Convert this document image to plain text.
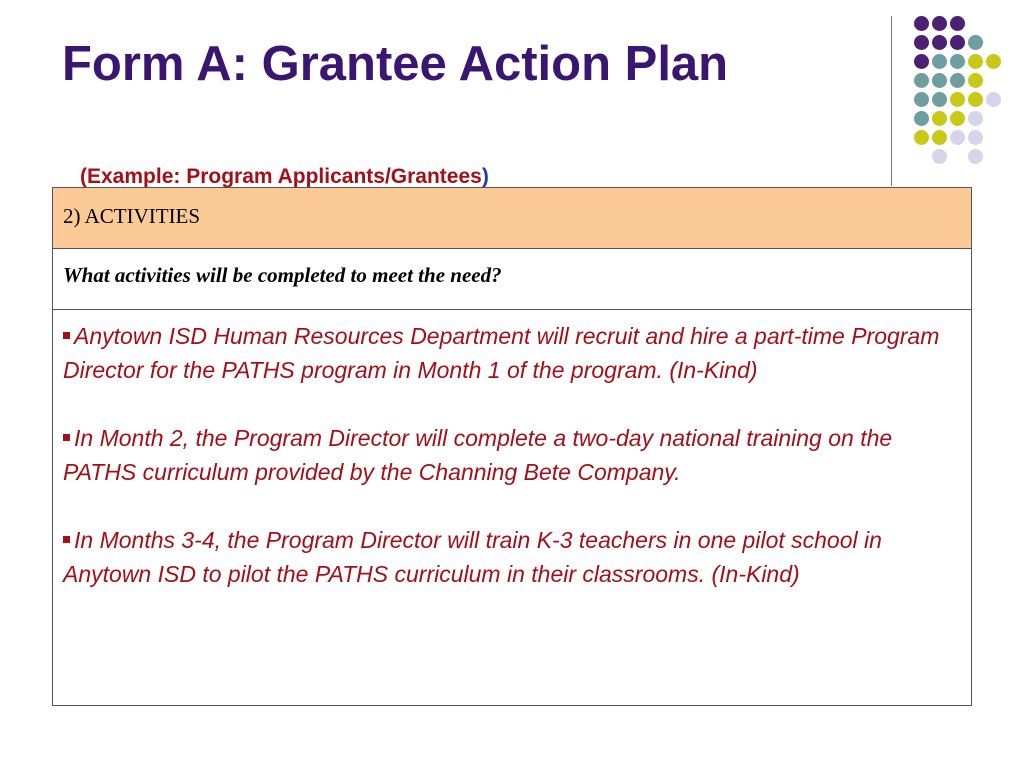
Form A: Grantee Action Plan
(Example: Program Applicants/Grantees)
2) ACTIVITIES
What activities will be completed to meet the need?
Anytown ISD Human Resources Department will recruit and hire a part-time Program Director for the PATHS program in Month 1 of the program. (In-Kind)
In Month 2, the Program Director will complete a two-day national training on the PATHS curriculum provided by the Channing Bete Company.
In Months 3-4, the Program Director will train K-3 teachers in one pilot school in Anytown ISD to pilot the PATHS curriculum in their classrooms. (In-Kind)
